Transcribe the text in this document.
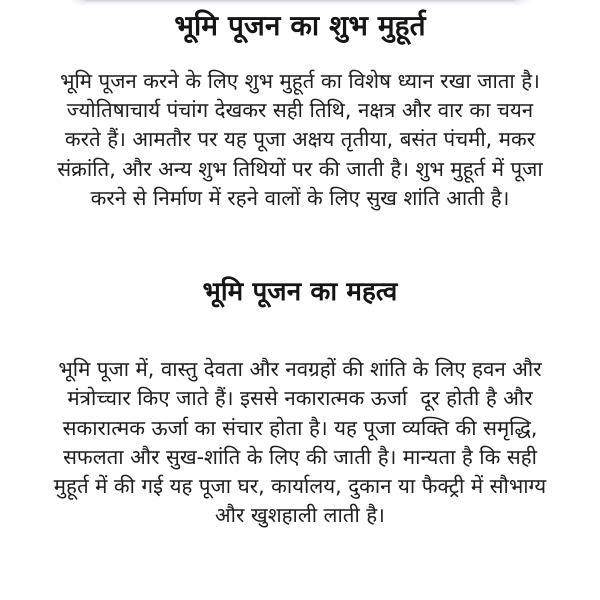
भूमि पूजन का शुभ मुहूर्त

भूमि पूजन करने के लिए शुभ मुहूर्त का विशेष ध्यान रखा जाता है। ज्योतिषाचार्य पंचांग देखकर सही तिथि, नक्षत्र और वार का चयन करते हैं। आमतौर पर यह पूजा अक्षय तृतीया, बसंत पंचमी, मकर संक्रांति, और अन्य शुभ तिथियों पर की जाती है। शुभ मुहूर्त में पूजा करने से निर्माण में रहने वालों के लिए सुख शांति आती है।

भूमि पूजन का महत्व

भूमि पूजा में, वास्तु देवता और नवग्रहों की शांति के लिए हवन और मंत्रोच्चार किए जाते हैं। इससे नकारात्मक ऊर्जा  दूर होती है और सकारात्मक ऊर्जा का संचार होता है। यह पूजा व्यक्ति की समृद्धि, सफलता और सुख-शांति के लिए की जाती है। मान्यता है कि सही मुहूर्त में की गई यह पूजा घर, कार्यालय, दुकान या फैक्ट्री में सौभाग्य और खुशहाली लाती है।
